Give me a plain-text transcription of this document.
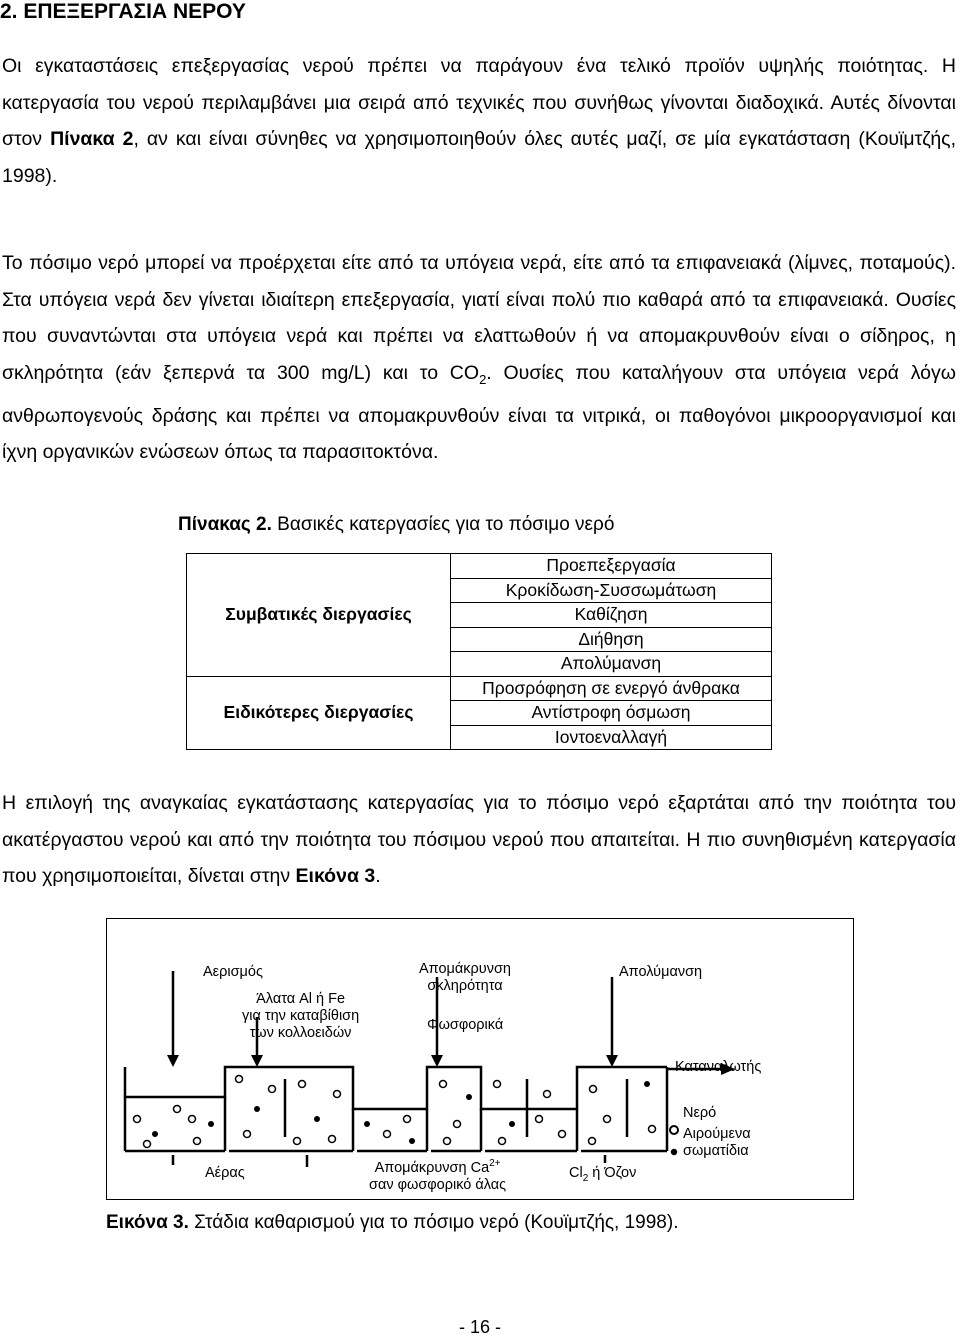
2. ΕΠΕΞΕΡΓΑΣΙΑ ΝΕΡΟΥ

Οι εγκαταστάσεις επεξεργασίας νερού πρέπει να παράγουν ένα τελικό προϊόν υψηλής ποιότητας. Η κατεργασία του νερού περιλαμβάνει μια σειρά από τεχνικές που συνήθως γίνονται διαδοχικά. Αυτές δίνονται στον Πίνακα 2, αν και είναι σύνηθες να χρησιμοποιηθούν όλες αυτές μαζί, σε μία εγκατάσταση (Κουϊμτζής, 1998).

Το πόσιμο νερό μπορεί να προέρχεται είτε από τα υπόγεια νερά, είτε από τα επιφανειακά (λίμνες, ποταμούς). Στα υπόγεια νερά δεν γίνεται ιδιαίτερη επεξεργασία, γιατί είναι πολύ πιο καθαρά από τα επιφανειακά. Ουσίες που συναντώνται στα υπόγεια νερά και πρέπει να ελαττωθούν ή να απομακρυνθούν είναι ο σίδηρος, η σκληρότητα (εάν ξεπερνά τα 300 mg/L) και το $CO_2$. Ουσίες που καταλήγουν στα υπόγεια νερά λόγω ανθρωπογενούς δράσης και πρέπει να απομακρυνθούν είναι τα νιτρικά, οι παθογόνοι μικροοργανισμοί και ίχνη οργανικών ενώσεων όπως τα παρασιτοκτόνα.

Πίνακας 2. Βασικές κατεργασίες για το πόσιμο νερό
Συμβατικές διεργασίες	Προεπεξεργασία
	Κροκίδωση-Συσσωμάτωση
	Καθίζηση
	Διήθηση
	Απολύμανση
Ειδικότερες διεργασίες	Προσρόφηση σε ενεργό άνθρακα
	Αντίστροφη όσμωση
	Ιοντοεναλλαγή

Η επιλογή της αναγκαίας εγκατάστασης κατεργασίας για το πόσιμο νερό εξαρτάται από την ποιότητα του ακατέργαστου νερού και από την ποιότητα του πόσιμου νερού που απαιτείται. Η πιο συνηθισμένη κατεργασία που χρησιμοποιείται, δίνεται στην Εικόνα 3.

Αερισμός	Απομάκρυνση
σκληρότητα
Απολύμανση
Άλατα Al ή Fe
για την καταβίθιση
των κολλοειδών	Φωσφορικά
Καταναλωτής
Νερό
Αιρούμενα
σωματίδια
Αέρας	Απομάκρυνση $Ca^{2+}$
σαν φωσφορικό άλας
$Cl_2$ ή Όζον
Εικόνα 3. Στάδια καθαρισμού για το πόσιμο νερό (Κουϊμτζής, 1998).
- 16 -
